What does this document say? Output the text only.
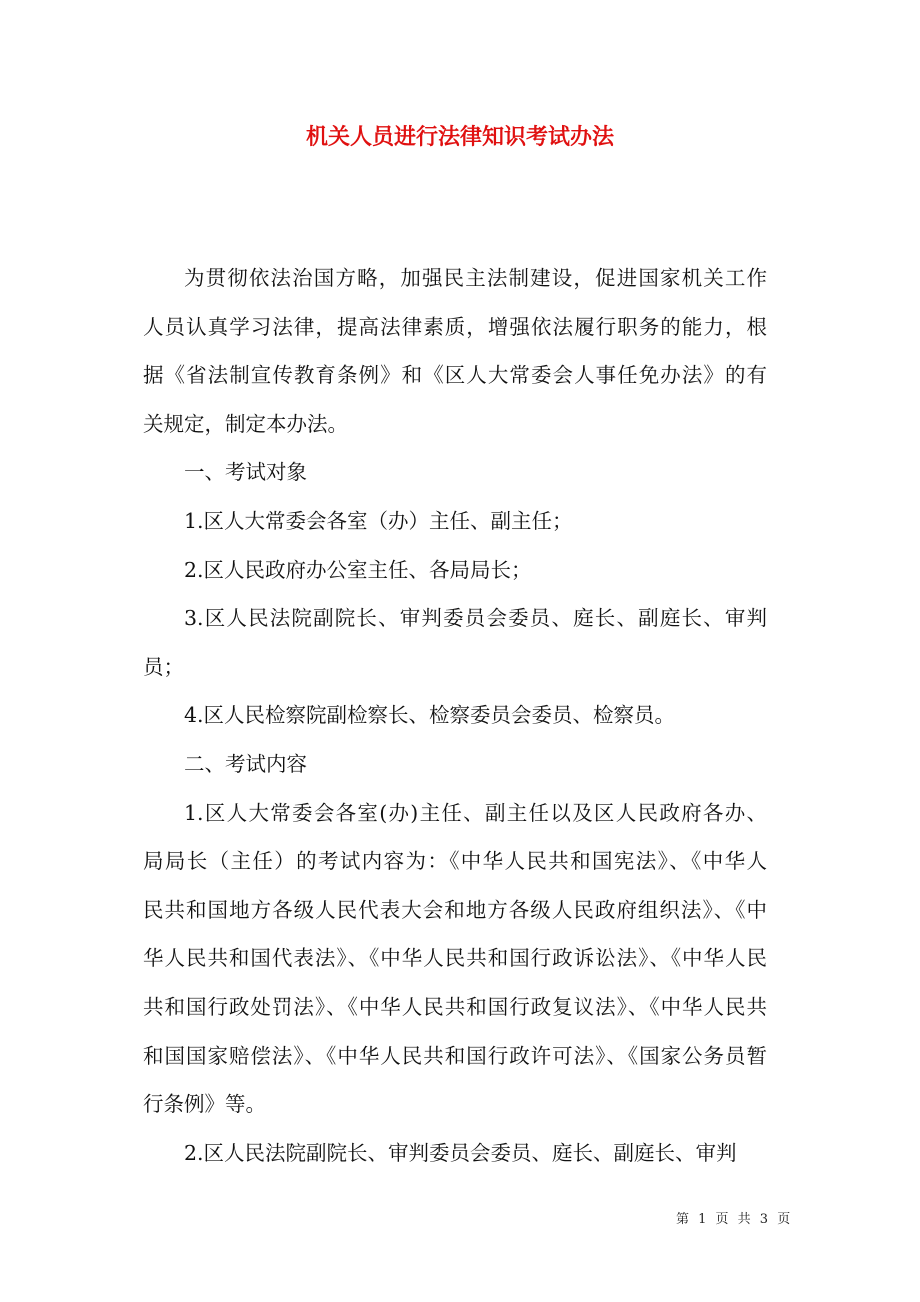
机关人员进行法律知识考试办法
为贯彻依法治国方略，加强民主法制建设，促进国家机关工作
人员认真学习法律，提高法律素质，增强依法履行职务的能力，根
据《省法制宣传教育条例》和《区人大常委会人事任免办法》的有
关规定，制定本办法。
一、考试对象
1.区人大常委会各室（办）主任、副主任；
2.区人民政府办公室主任、各局局长；
3.区人民法院副院长、审判委员会委员、庭长、副庭长、审判
员；
4.区人民检察院副检察长、检察委员会委员、检察员。
二、考试内容
1.区人大常委会各室(办)主任、副主任以及区人民政府各办、
局局长（主任）的考试内容为：《中华人民共和国宪法》、《中华人
民共和国地方各级人民代表大会和地方各级人民政府组织法》、《中
华人民共和国代表法》、《中华人民共和国行政诉讼法》、《中华人民
共和国行政处罚法》、《中华人民共和国行政复议法》、《中华人民共
和国国家赔偿法》、《中华人民共和国行政许可法》、《国家公务员暂
行条例》等。
2.区人民法院副院长、审判委员会委员、庭长、副庭长、审判
第 1 页 共 3 页
